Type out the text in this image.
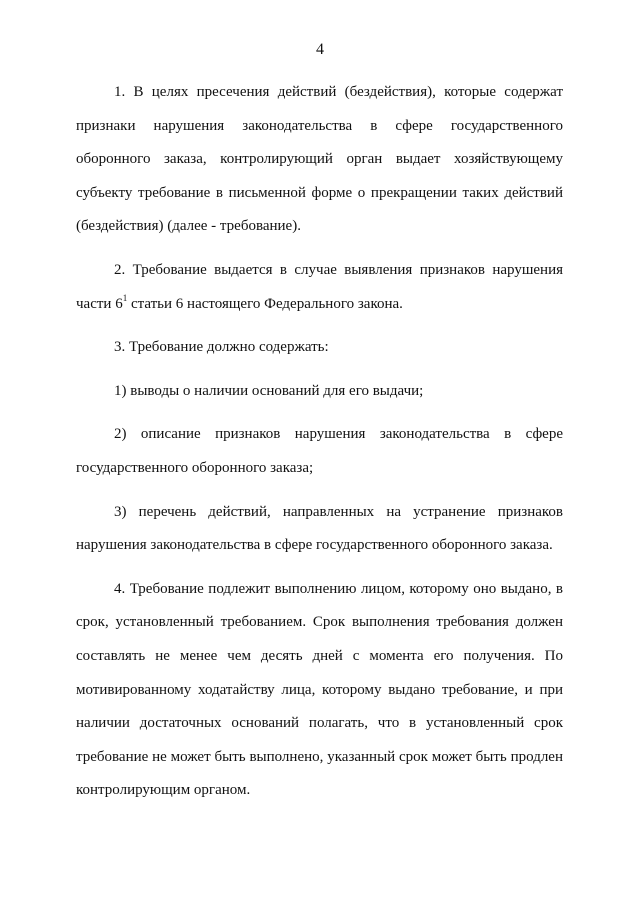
4

1. В целях пресечения действий (бездействия), которые содержат признаки нарушения законодательства в сфере государственного оборонного заказа, контролирующий орган выдает хозяйствующему субъекту требование в письменной форме о прекращении таких действий (бездействия) (далее - требование).

2. Требование выдается в случае выявления признаков нарушения части $6^1$ статьи 6 настоящего Федерального закона.

3. Требование должно содержать:

1) выводы о наличии оснований для его выдачи;

2) описание признаков нарушения законодательства в сфере государственного оборонного заказа;

3) перечень действий, направленных на устранение признаков нарушения законодательства в сфере государственного оборонного заказа.

4. Требование подлежит выполнению лицом, которому оно выдано, в срок, установленный требованием. Срок выполнения требования должен составлять не менее чем десять дней с момента его получения. По мотивированному ходатайству лица, которому выдано требование, и при наличии достаточных оснований полагать, что в установленный срок требование не может быть выполнено, указанный срок может быть продлен контролирующим органом.
